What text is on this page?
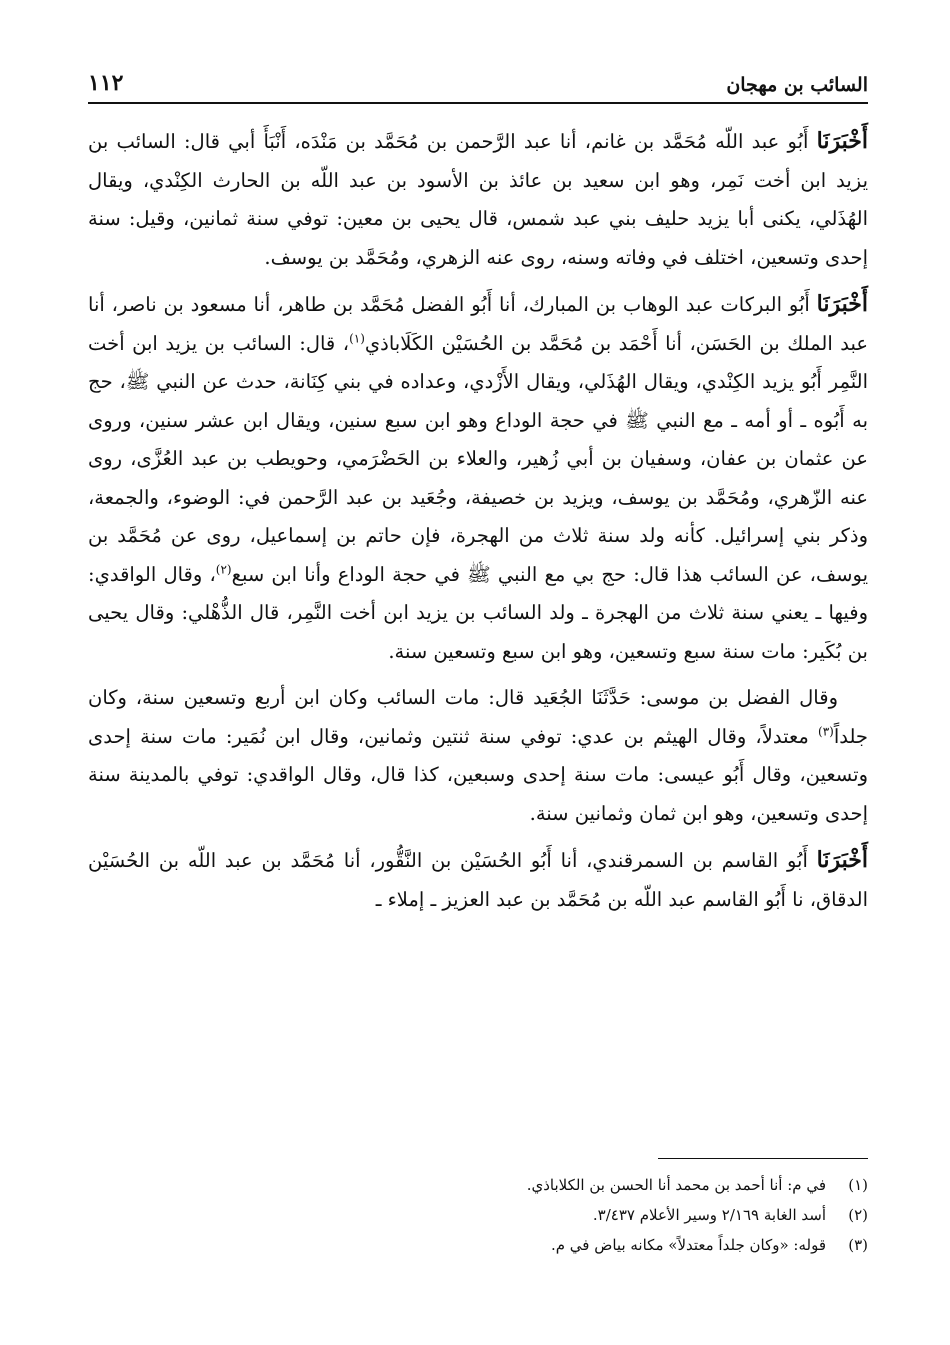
السائب بن مهجان
١١٢

أَخْبَرَنَا أَبُو عبد اللّه مُحَمَّد بن غانم، أنا عبد الرَّحمن بن مُحَمَّد بن مَنْدَه، أَنْبَأَ أبي قال: السائب بن يزيد ابن أخت نَمِر، وهو ابن سعيد بن عائذ بن الأسود بن عبد اللّه بن الحارث الكِنْدي، ويقال الهُذَلي، يكنى أبا يزيد حليف بني عبد شمس، قال يحيى بن معين: توفي سنة ثمانين، وقيل: سنة إحدى وتسعين، اختلف في وفاته وسنه، روى عنه الزهري، ومُحَمَّد بن يوسف.

أَخْبَرَنَا أَبُو البركات عبد الوهاب بن المبارك، أنا أَبُو الفضل مُحَمَّد بن طاهر، أنا مسعود بن ناصر، أنا عبد الملك بن الحَسَن، أنا أَحْمَد بن مُحَمَّد بن الحُسَيْن الكَلَاباذي$^{(١)}$، قال: السائب بن يزيد ابن أخت النَّمِر أَبُو يزيد الكِنْدي، ويقال الهُذَلي، ويقال الأَزْدي، وعداده في بني كِنَانة، حدث عن النبي ﷺ، حج به أَبُوه ـ أو أمه ـ مع النبي ﷺ في حجة الوداع وهو ابن سبع سنين، ويقال ابن عشر سنين، وروى عن عثمان بن عفان، وسفيان بن أبي زُهير، والعلاء بن الحَضْرَمي، وحويطب بن عبد العُزَّى، روى عنه الزّهري، ومُحَمَّد بن يوسف، ويزيد بن خصيفة، وجُعَيد بن عبد الرَّحمن في: الوضوء، والجمعة، وذكر بني إسرائيل. كأنه ولد سنة ثلاث من الهجرة، فإن حاتم بن إسماعيل، روى عن مُحَمَّد بن يوسف، عن السائب هذا قال: حج بي مع النبي ﷺ في حجة الوداع وأنا ابن سبع$^{(٢)}$، وقال الواقدي: وفيها ـ يعني سنة ثلاث من الهجرة ـ ولد السائب بن يزيد ابن أخت النَّمِر، قال الذُّهْلي: وقال يحيى بن بُكَير: مات سنة سبع وتسعين، وهو ابن سبع وتسعين سنة.

وقال الفضل بن موسى: حَدَّثَنَا الجُعَيد قال: مات السائب وكان ابن أربع وتسعين سنة، وكان جلداً$^{(٣)}$ معتدلاً، وقال الهيثم بن عدي: توفي سنة ثنتين وثمانين، وقال ابن نُمَير: مات سنة إحدى وتسعين، وقال أَبُو عيسى: مات سنة إحدى وسبعين، كذا قال، وقال الواقدي: توفي بالمدينة سنة إحدى وتسعين، وهو ابن ثمان وثمانين سنة.

أَخْبَرَنَا أَبُو القاسم بن السمرقندي، أنا أَبُو الحُسَيْن بن النَّقُّور، أنا مُحَمَّد بن عبد اللّه بن الحُسَيْن الدقاق، نا أَبُو القاسم عبد اللّه بن مُحَمَّد بن عبد العزيز ـ إملاء ـ

(١)
في م: أنا أحمد بن محمد أنا الحسن بن الكلاباذي.
(٢)
أسد الغابة ٢/١٦٩ وسير الأعلام ٣/٤٣٧.
(٣)
قوله: «وكان جلداً معتدلاً» مكانه بياض في م.
